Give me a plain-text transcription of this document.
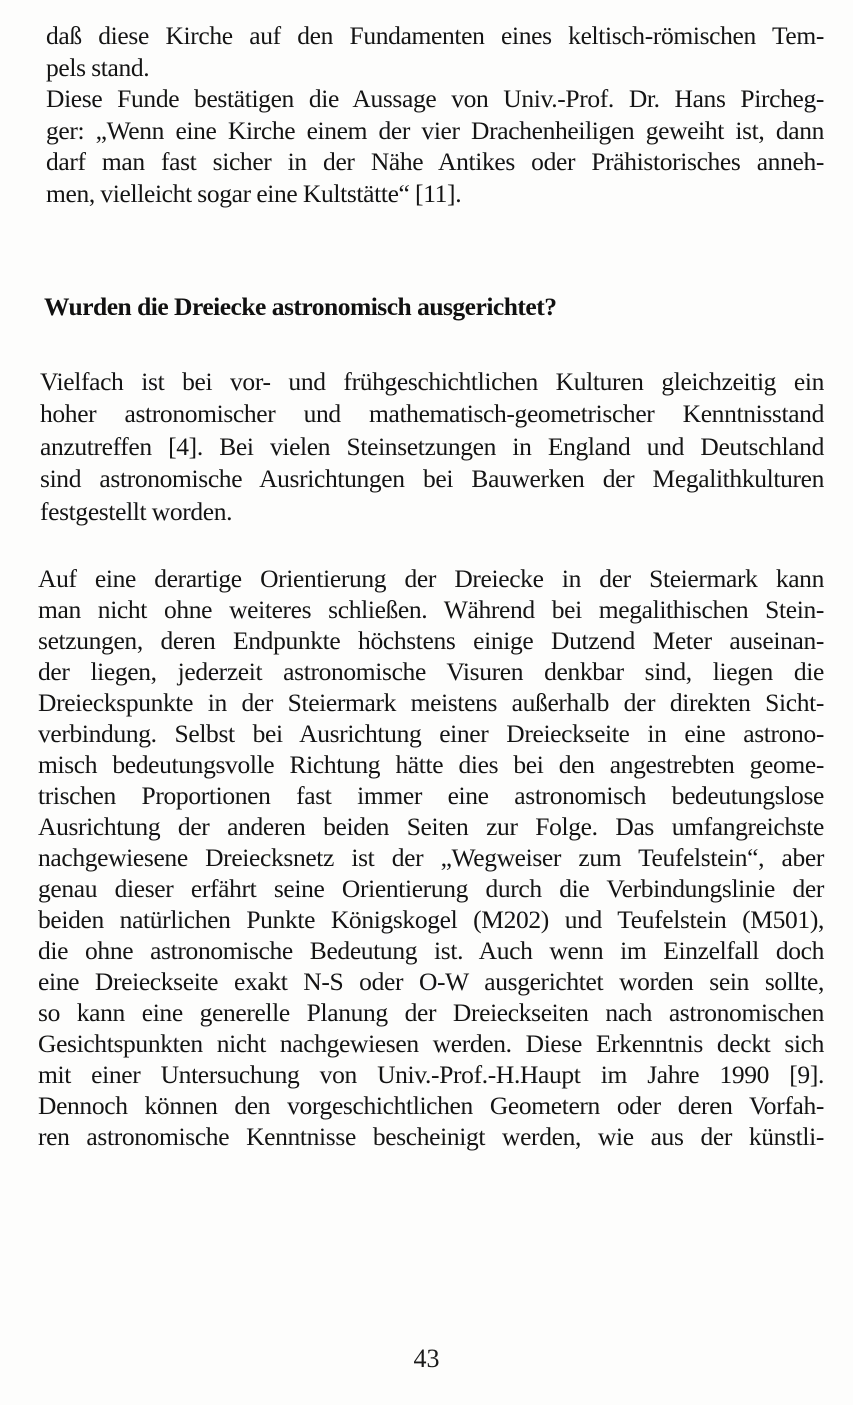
daß diese Kirche auf den Fundamenten eines keltisch-römischen Tem-
pels stand.
Diese Funde bestätigen die Aussage von Univ.-Prof. Dr. Hans Pircheg-
ger: „Wenn eine Kirche einem der vier Drachenheiligen geweiht ist, dann
darf man fast sicher in der Nähe Antikes oder Prähistorisches anneh-
men, vielleicht sogar eine Kultstätte“ [11].
Wurden die Dreiecke astronomisch ausgerichtet?
Vielfach ist bei vor- und frühgeschichtlichen Kulturen gleichzeitig ein
hoher astronomischer und mathematisch-geometrischer Kenntnisstand
anzutreffen [4]. Bei vielen Steinsetzungen in England und Deutschland
sind astronomische Ausrichtungen bei Bauwerken der Megalithkulturen
festgestellt worden.
Auf eine derartige Orientierung der Dreiecke in der Steiermark kann
man nicht ohne weiteres schließen. Während bei megalithischen Stein-
setzungen, deren Endpunkte höchstens einige Dutzend Meter auseinan-
der liegen, jederzeit astronomische Visuren denkbar sind, liegen die
Dreieckspunkte in der Steiermark meistens außerhalb der direkten Sicht-
verbindung. Selbst bei Ausrichtung einer Dreieckseite in eine astrono-
misch bedeutungsvolle Richtung hätte dies bei den angestrebten geome-
trischen Proportionen fast immer eine astronomisch bedeutungslose
Ausrichtung der anderen beiden Seiten zur Folge. Das umfangreichste
nachgewiesene Dreiecksnetz ist der „Wegweiser zum Teufelstein“, aber
genau dieser erfährt seine Orientierung durch die Verbindungslinie der
beiden natürlichen Punkte Königskogel (M202) und Teufelstein (M501),
die ohne astronomische Bedeutung ist. Auch wenn im Einzelfall doch
eine Dreieckseite exakt N-S oder O-W ausgerichtet worden sein sollte,
so kann eine generelle Planung der Dreieckseiten nach astronomischen
Gesichtspunkten nicht nachgewiesen werden. Diese Erkenntnis deckt sich
mit einer Untersuchung von Univ.-Prof.-H.Haupt im Jahre 1990 [9].
Dennoch können den vorgeschichtlichen Geometern oder deren Vorfah-
ren astronomische Kenntnisse bescheinigt werden, wie aus der künstli-
43
